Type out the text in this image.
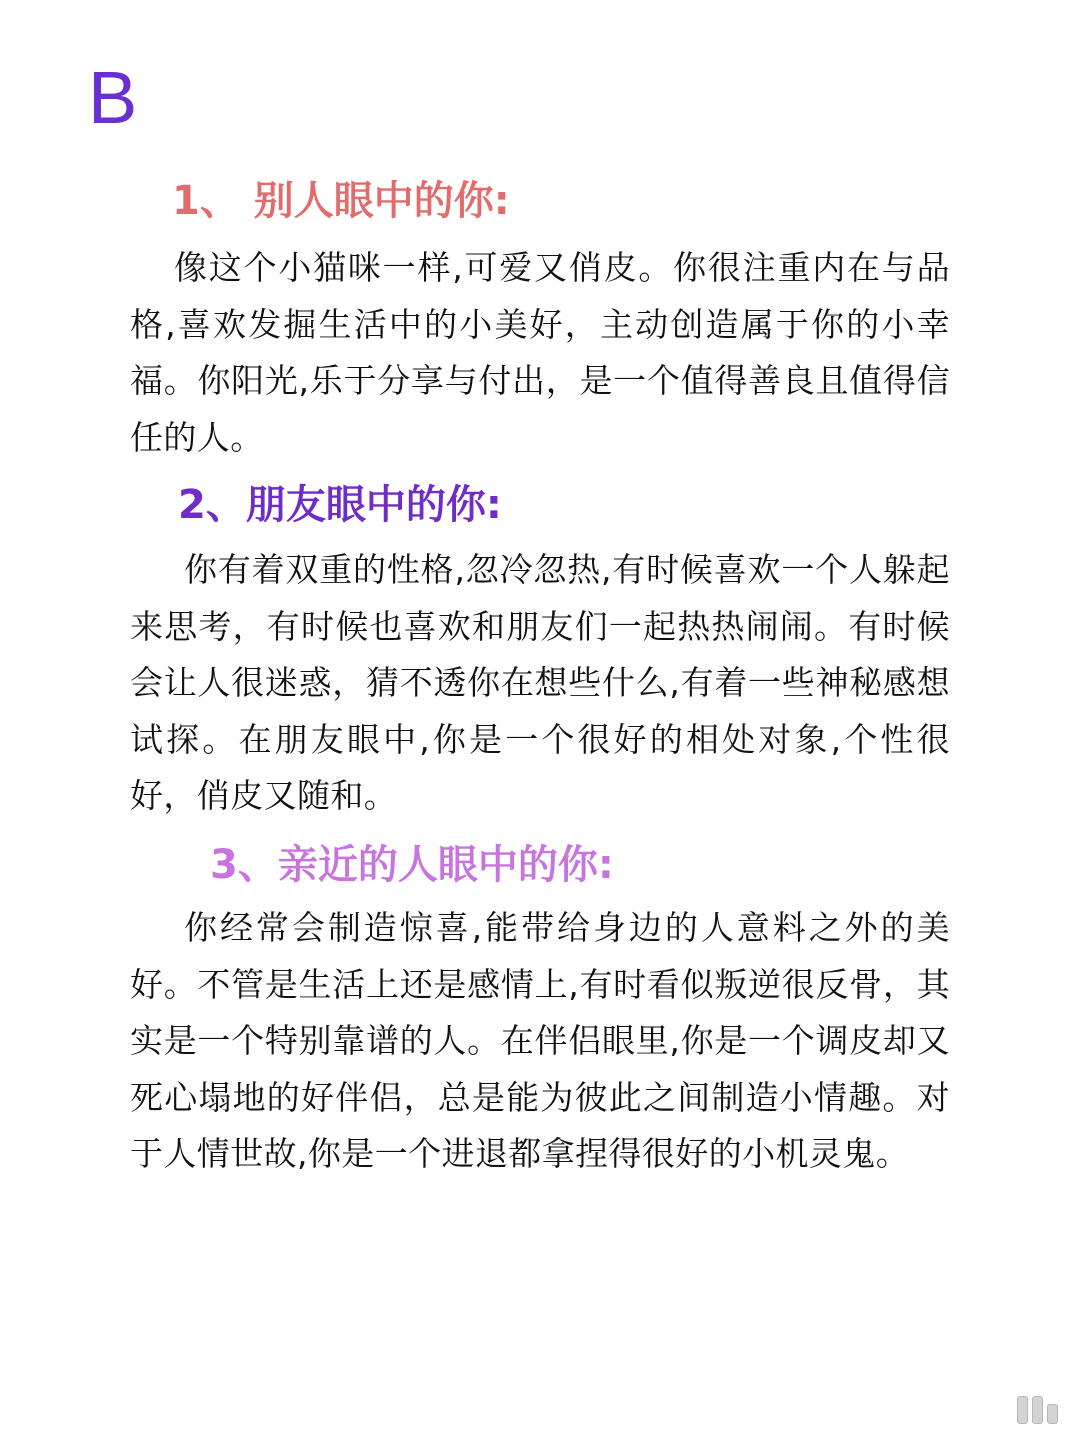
B
1、 别人眼中的你:

像这个小猫咪一样,可爱又俏皮。你很注重内在与品格,喜欢发掘生活中的小美好，主动创造属于你的小幸福。你阳光,乐于分享与付出，是一个值得善良且值得信任的人。

2、朋友眼中的你:

你有着双重的性格,忽冷忽热,有时候喜欢一个人躲起来思考，有时候也喜欢和朋友们一起热热闹闹。有时候会让人很迷惑，猜不透你在想些什么,有着一些神秘感想试探。在朋友眼中,你是一个很好的相处对象,个性很好，俏皮又随和。

3、亲近的人眼中的你:

你经常会制造惊喜,能带给身边的人意料之外的美好。不管是生活上还是感情上,有时看似叛逆很反骨，其实是一个特别靠谱的人。在伴侣眼里,你是一个调皮却又死心塌地的好伴侣，总是能为彼此之间制造小情趣。对于人情世故,你是一个进退都拿捏得很好的小机灵鬼。
